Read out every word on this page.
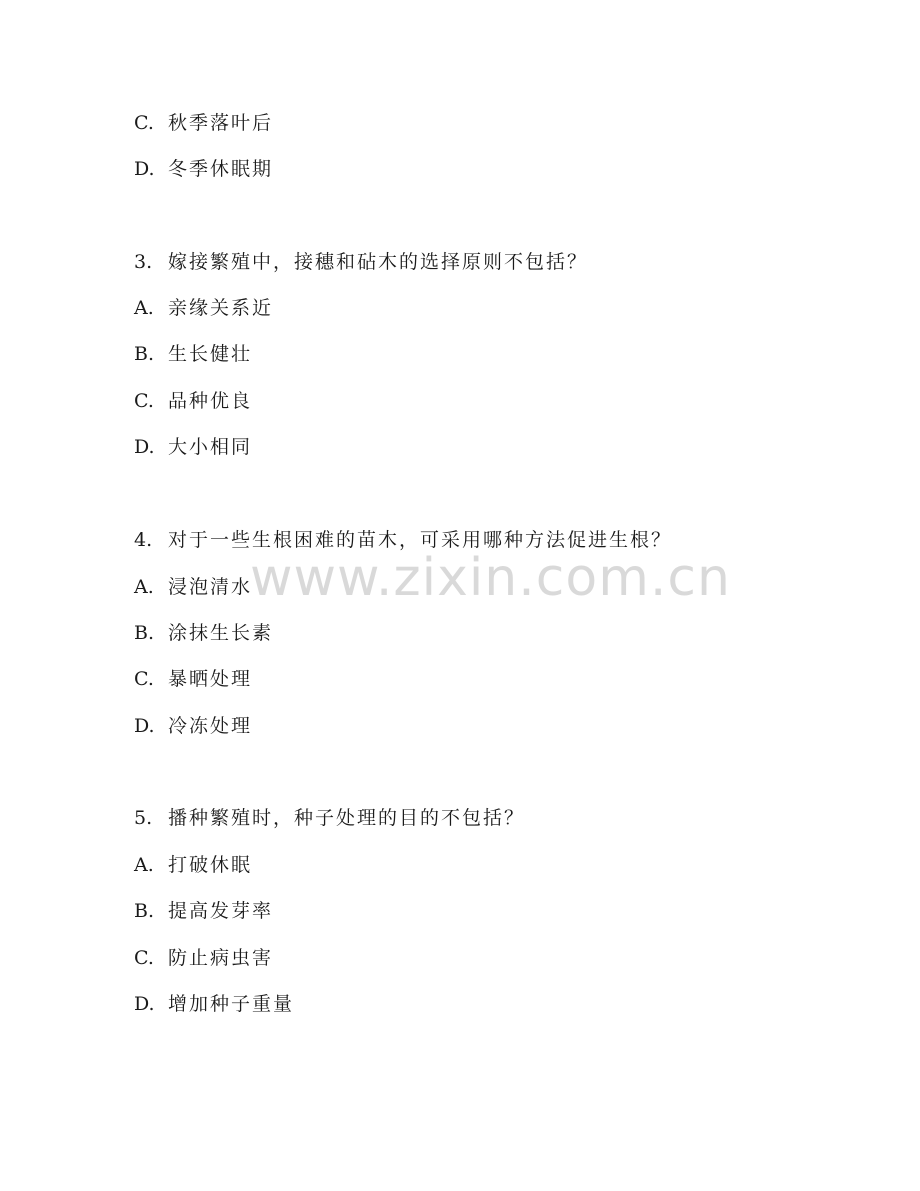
www.zixin.com.cn
C. 秋季落叶后
D. 冬季休眠期
3. 嫁接繁殖中，接穗和砧木的选择原则不包括？
A. 亲缘关系近
B. 生长健壮
C. 品种优良
D. 大小相同
4. 对于一些生根困难的苗木，可采用哪种方法促进生根？
A. 浸泡清水
B. 涂抹生长素
C. 暴晒处理
D. 冷冻处理
5. 播种繁殖时，种子处理的目的不包括？
A. 打破休眠
B. 提高发芽率
C. 防止病虫害
D. 增加种子重量
